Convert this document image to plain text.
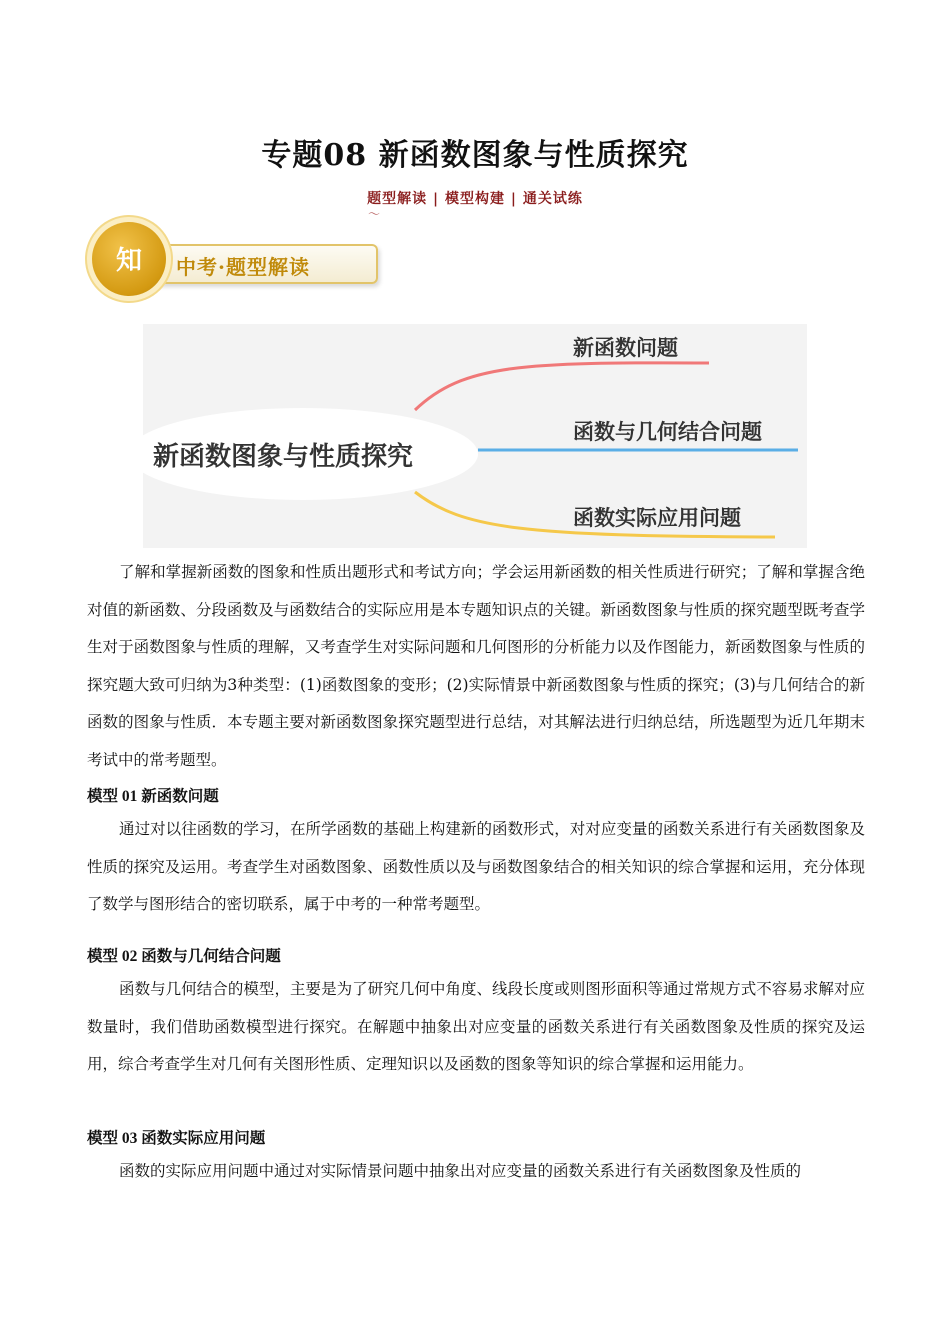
专题08 新函数图象与性质探究
题型解读 | 模型构建 | 通关试练
〜
中考·题型解读
知
新函数图象与性质探究
新函数问题
函数与几何结合问题
函数实际应用问题
了解和掌握新函数的图象和性质出题形式和考试方向；学会运用新函数的相关性质进行研究；了解和掌握含绝对值的新函数、分段函数及与函数结合的实际应用是本专题知识点的关键。新函数图象与性质的探究题型既考查学生对于函数图象与性质的理解，又考查学生对实际问题和几何图形的分析能力以及作图能力，新函数图象与性质的探究题大致可归纳为3种类型：(1)函数图象的变形；(2)实际情景中新函数图象与性质的探究；(3)与几何结合的新函数的图象与性质．本专题主要对新函数图象探究题型进行总结，对其解法进行归纳总结，所选题型为近几年期末考试中的常考题型。
模型 01 新函数问题
通过对以往函数的学习，在所学函数的基础上构建新的函数形式，对对应变量的函数关系进行有关函数图象及性质的探究及运用。考查学生对函数图象、函数性质以及与函数图象结合的相关知识的综合掌握和运用，充分体现了数学与图形结合的密切联系，属于中考的一种常考题型。
模型 02 函数与几何结合问题
函数与几何结合的模型，主要是为了研究几何中角度、线段长度或则图形面积等通过常规方式不容易求解对应数量时，我们借助函数模型进行探究。在解题中抽象出对应变量的函数关系进行有关函数图象及性质的探究及运用，综合考查学生对几何有关图形性质、定理知识以及函数的图象等知识的综合掌握和运用能力。
模型 03 函数实际应用问题
函数的实际应用问题中通过对实际情景问题中抽象出对应变量的函数关系进行有关函数图象及性质的
